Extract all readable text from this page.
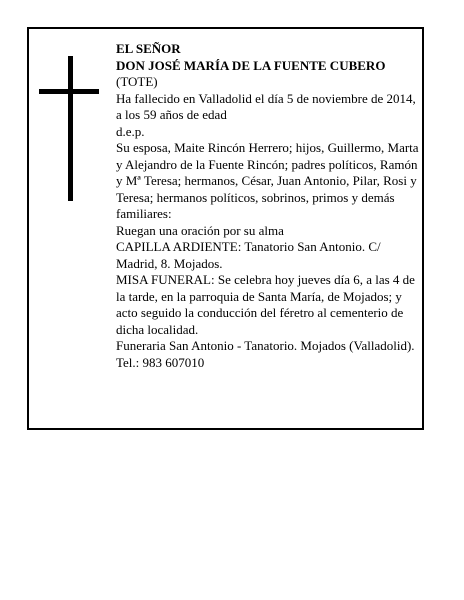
EL SEÑOR
DON JOSÉ MARÍA DE LA FUENTE CUBERO
(TOTE)
Ha fallecido en Valladolid el día 5 de noviembre de 2014, a los 59 años de edad
d.e.p.
Su esposa, Maite Rincón Herrero; hijos, Guillermo, Marta y Alejandro de la Fuente Rincón; padres políticos, Ramón y Mª Teresa; hermanos, César, Juan Antonio, Pilar, Rosi y Teresa; hermanos políticos, sobrinos, primos y demás familiares:
Ruegan una oración por su alma
CAPILLA ARDIENTE: Tanatorio San Antonio. C/ Madrid, 8. Mojados.
MISA FUNERAL: Se celebra hoy jueves día 6, a las 4 de la tarde, en la parroquia de Santa María, de Mojados; y acto seguido la conducción del féretro al cementerio de dicha localidad.
Funeraria San Antonio - Tanatorio. Mojados (Valladolid). Tel.: 983 607010
